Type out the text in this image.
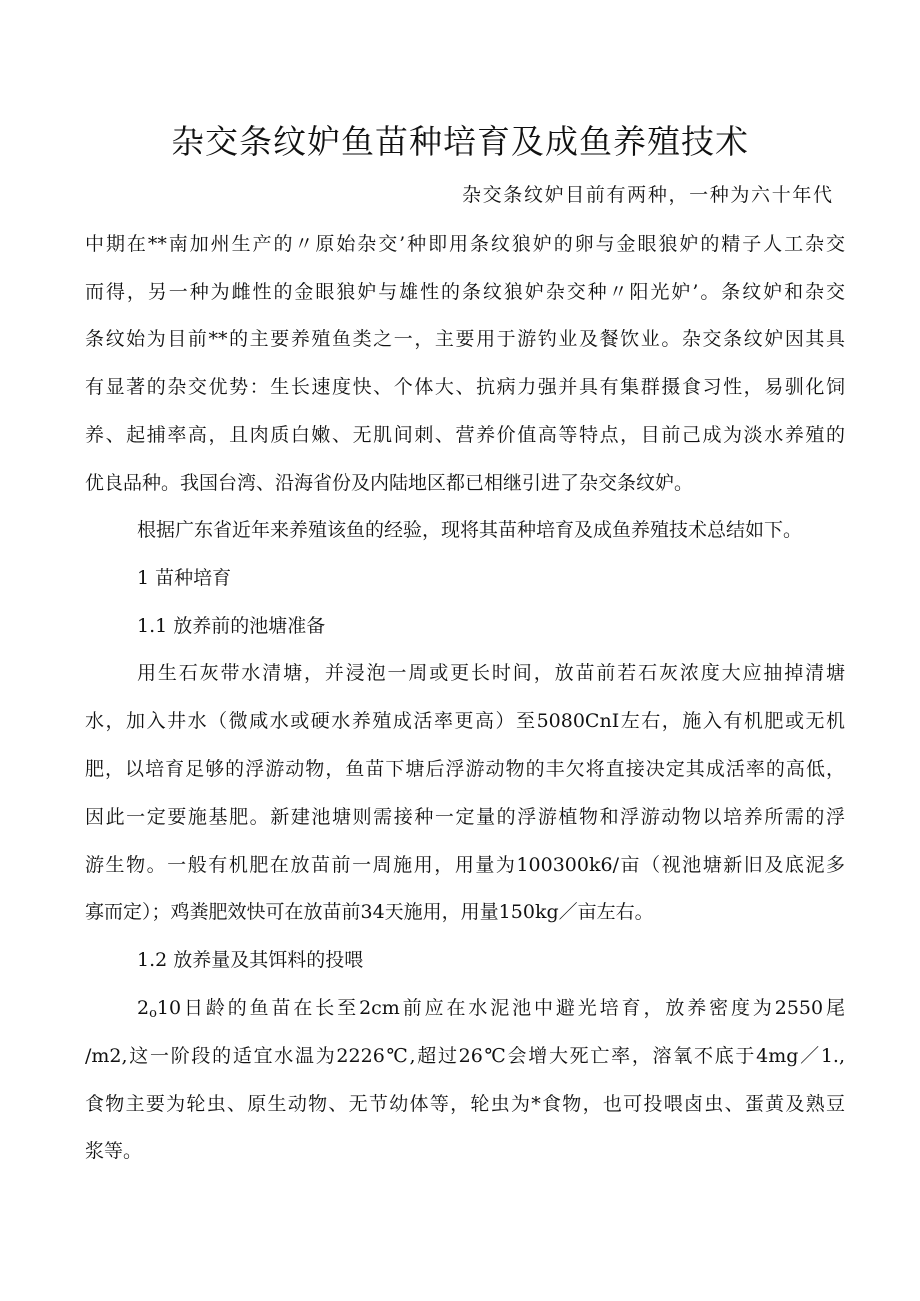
杂交条纹妒鱼苗种培育及成鱼养殖技术
杂交条纹妒目前有两种，一种为六十年代
中期在**南加州生产的〃原始杂交’种即用条纹狼妒的卵与金眼狼妒的精子人工杂交
而得，另一种为雌性的金眼狼妒与雄性的条纹狼妒杂交种〃阳光妒’。条纹妒和杂交
条纹始为目前**的主要养殖鱼类之一，主要用于游钓业及餐饮业。杂交条纹妒因其具
有显著的杂交优势：生长速度快、个体大、抗病力强并具有集群摄食习性，易驯化饲
养、起捕率高，且肉质白嫩、无肌间刺、营养价值高等特点，目前己成为淡水养殖的
优良品种。我国台湾、沿海省份及内陆地区都已相继引进了杂交条纹妒。
根据广东省近年来养殖该鱼的经验，现将其苗种培育及成鱼养殖技术总结如下。
1 苗种培育
1.1 放养前的池塘准备
用生石灰带水清塘，并浸泡一周或更长时间，放苗前若石灰浓度大应抽掉清塘
水，加入井水（微咸水或硬水养殖成活率更高）至5080CnI左右，施入有机肥或无机
肥，以培育足够的浮游动物，鱼苗下塘后浮游动物的丰欠将直接决定其成活率的高低，
因此一定要施基肥。新建池塘则需接种一定量的浮游植物和浮游动物以培养所需的浮
游生物。一般有机肥在放苗前一周施用，用量为100300k6/亩（视池塘新旧及底泥多
寡而定）；鸡粪肥效快可在放苗前34天施用，用量150kg／亩左右。
1.2 放养量及其饵料的投喂
$2_o10$日龄的鱼苗在长至2cm前应在水泥池中避光培育，放养密度为2550尾
/m2,这一阶段的适宜水温为2226℃,超过26℃会增大死亡率，溶氧不底于4mg／1.,
食物主要为轮虫、原生动物、无节幼体等，轮虫为*食物，也可投喂卤虫、蛋黄及熟豆
浆等。
